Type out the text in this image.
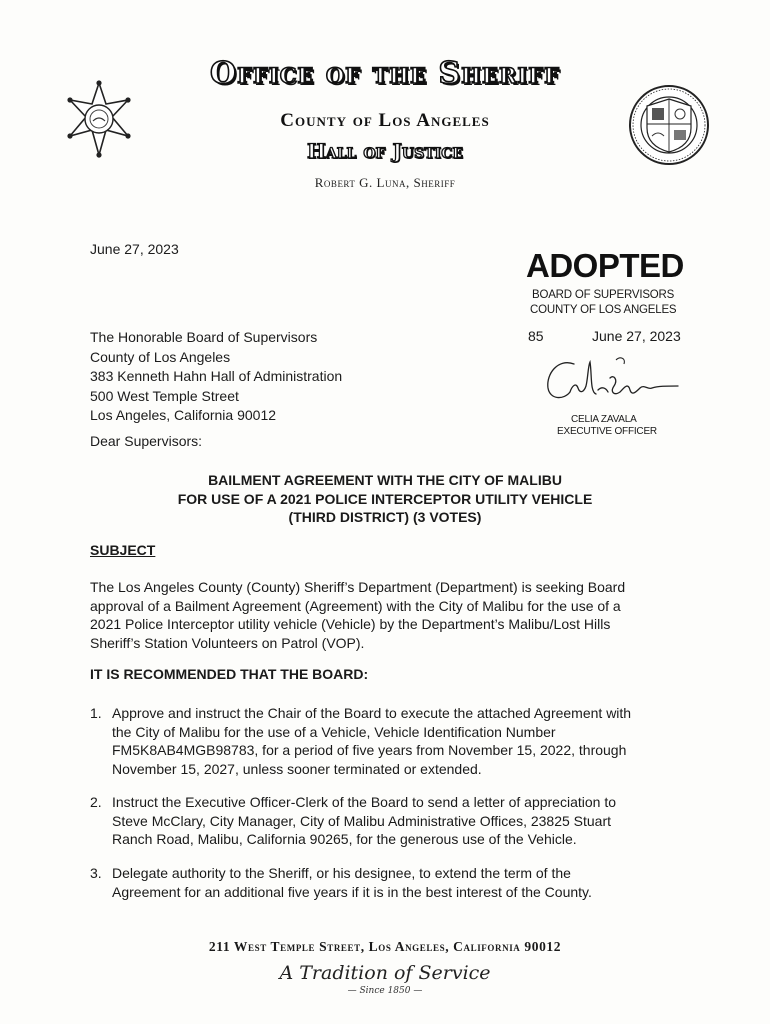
Office of the Sheriff
County of Los Angeles
Hall of Justice
Robert G. Luna, Sheriff
June 27, 2023	ADOPTED
BOARD OF SUPERVISORS
COUNTY OF LOS ANGELES
85	June 27, 2023
CELIA ZAVALA
EXECUTIVE OFFICER
The Honorable Board of Supervisors
County of Los Angeles
383 Kenneth Hahn Hall of Administration
500 West Temple Street
Los Angeles, California 90012
Dear Supervisors:
BAILMENT AGREEMENT WITH THE CITY OF MALIBU
FOR USE OF A 2021 POLICE INTERCEPTOR UTILITY VEHICLE
(THIRD DISTRICT) (3 VOTES)
SUBJECT
The Los Angeles County (County) Sheriff’s Department (Department) is seeking Board
approval of a Bailment Agreement (Agreement) with the City of Malibu for the use of a
2021 Police Interceptor utility vehicle (Vehicle) by the Department’s Malibu/Lost Hills
Sheriff’s Station Volunteers on Patrol (VOP).
IT IS RECOMMENDED THAT THE BOARD:
1. Approve and instruct the Chair of the Board to execute the attached Agreement with
the City of Malibu for the use of a Vehicle, Vehicle Identification Number
FM5K8AB4MGB98783, for a period of five years from November 15, 2022, through
November 15, 2027, unless sooner terminated or extended.
2. Instruct the Executive Officer-Clerk of the Board to send a letter of appreciation to
Steve McClary, City Manager, City of Malibu Administrative Offices, 23825 Stuart
Ranch Road, Malibu, California 90265, for the generous use of the Vehicle.
3. Delegate authority to the Sheriff, or his designee, to extend the term of the
Agreement for an additional five years if it is in the best interest of the County.
211 West Temple Street, Los Angeles, California 90012
A Tradition of Service
— Since 1850 —
